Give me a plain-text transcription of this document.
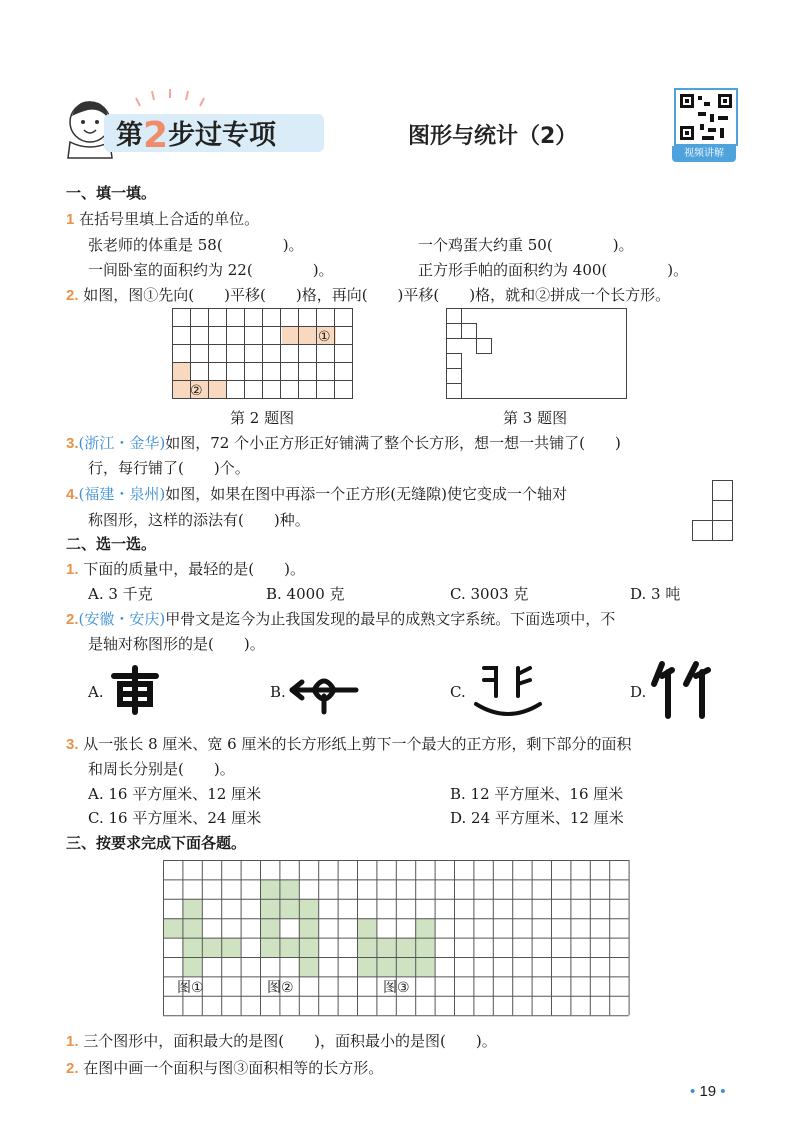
第2步过专项	图形与统计（2）
视频讲解
一、填一填。
1 在括号里填上合适的单位。
张老师的体重是 58(　　　　)。	一个鸡蛋大约重 50(　　　　)。
一间卧室的面积约为 22(　　　　)。	正方形手帕的面积约为 400(　　　　)。
2. 如图，图①先向(　　)平移(　　)格，再向(　　)平移(　　)格，就和②拼成一个长方形。
①
②
第 2 题图	第 3 题图
3.(浙江・金华)如图，72 个小正方形正好铺满了整个长方形，想一想一共铺了(　　)
行，每行铺了(　　)个。
4.(福建・泉州)如图，如果在图中再添一个正方形(无缝隙)使它变成一个轴对
称图形，这样的添法有(　　)种。
二、选一选。
1. 下面的质量中，最轻的是(　　)。
A. 3 千克	B. 4000 克	C. 3003 克	D. 3 吨
2.(安徽・安庆)甲骨文是迄今为止我国发现的最早的成熟文字系统。下面选项中，不
是轴对称图形的是(　　)。
A.	B.	C.	D.
3. 从一张长 8 厘米、宽 6 厘米的长方形纸上剪下一个最大的正方形，剩下部分的面积
和周长分别是(　　)。
A. 16 平方厘米、12 厘米	B. 12 平方厘米、16 厘米
C. 16 平方厘米、24 厘米	D. 24 平方厘米、12 厘米
三、按要求完成下面各题。
图①	图②	图③
1. 三个图形中，面积最大的是图(　　)，面积最小的是图(　　)。
2. 在图中画一个面积与图③面积相等的长方形。
• 19 •
